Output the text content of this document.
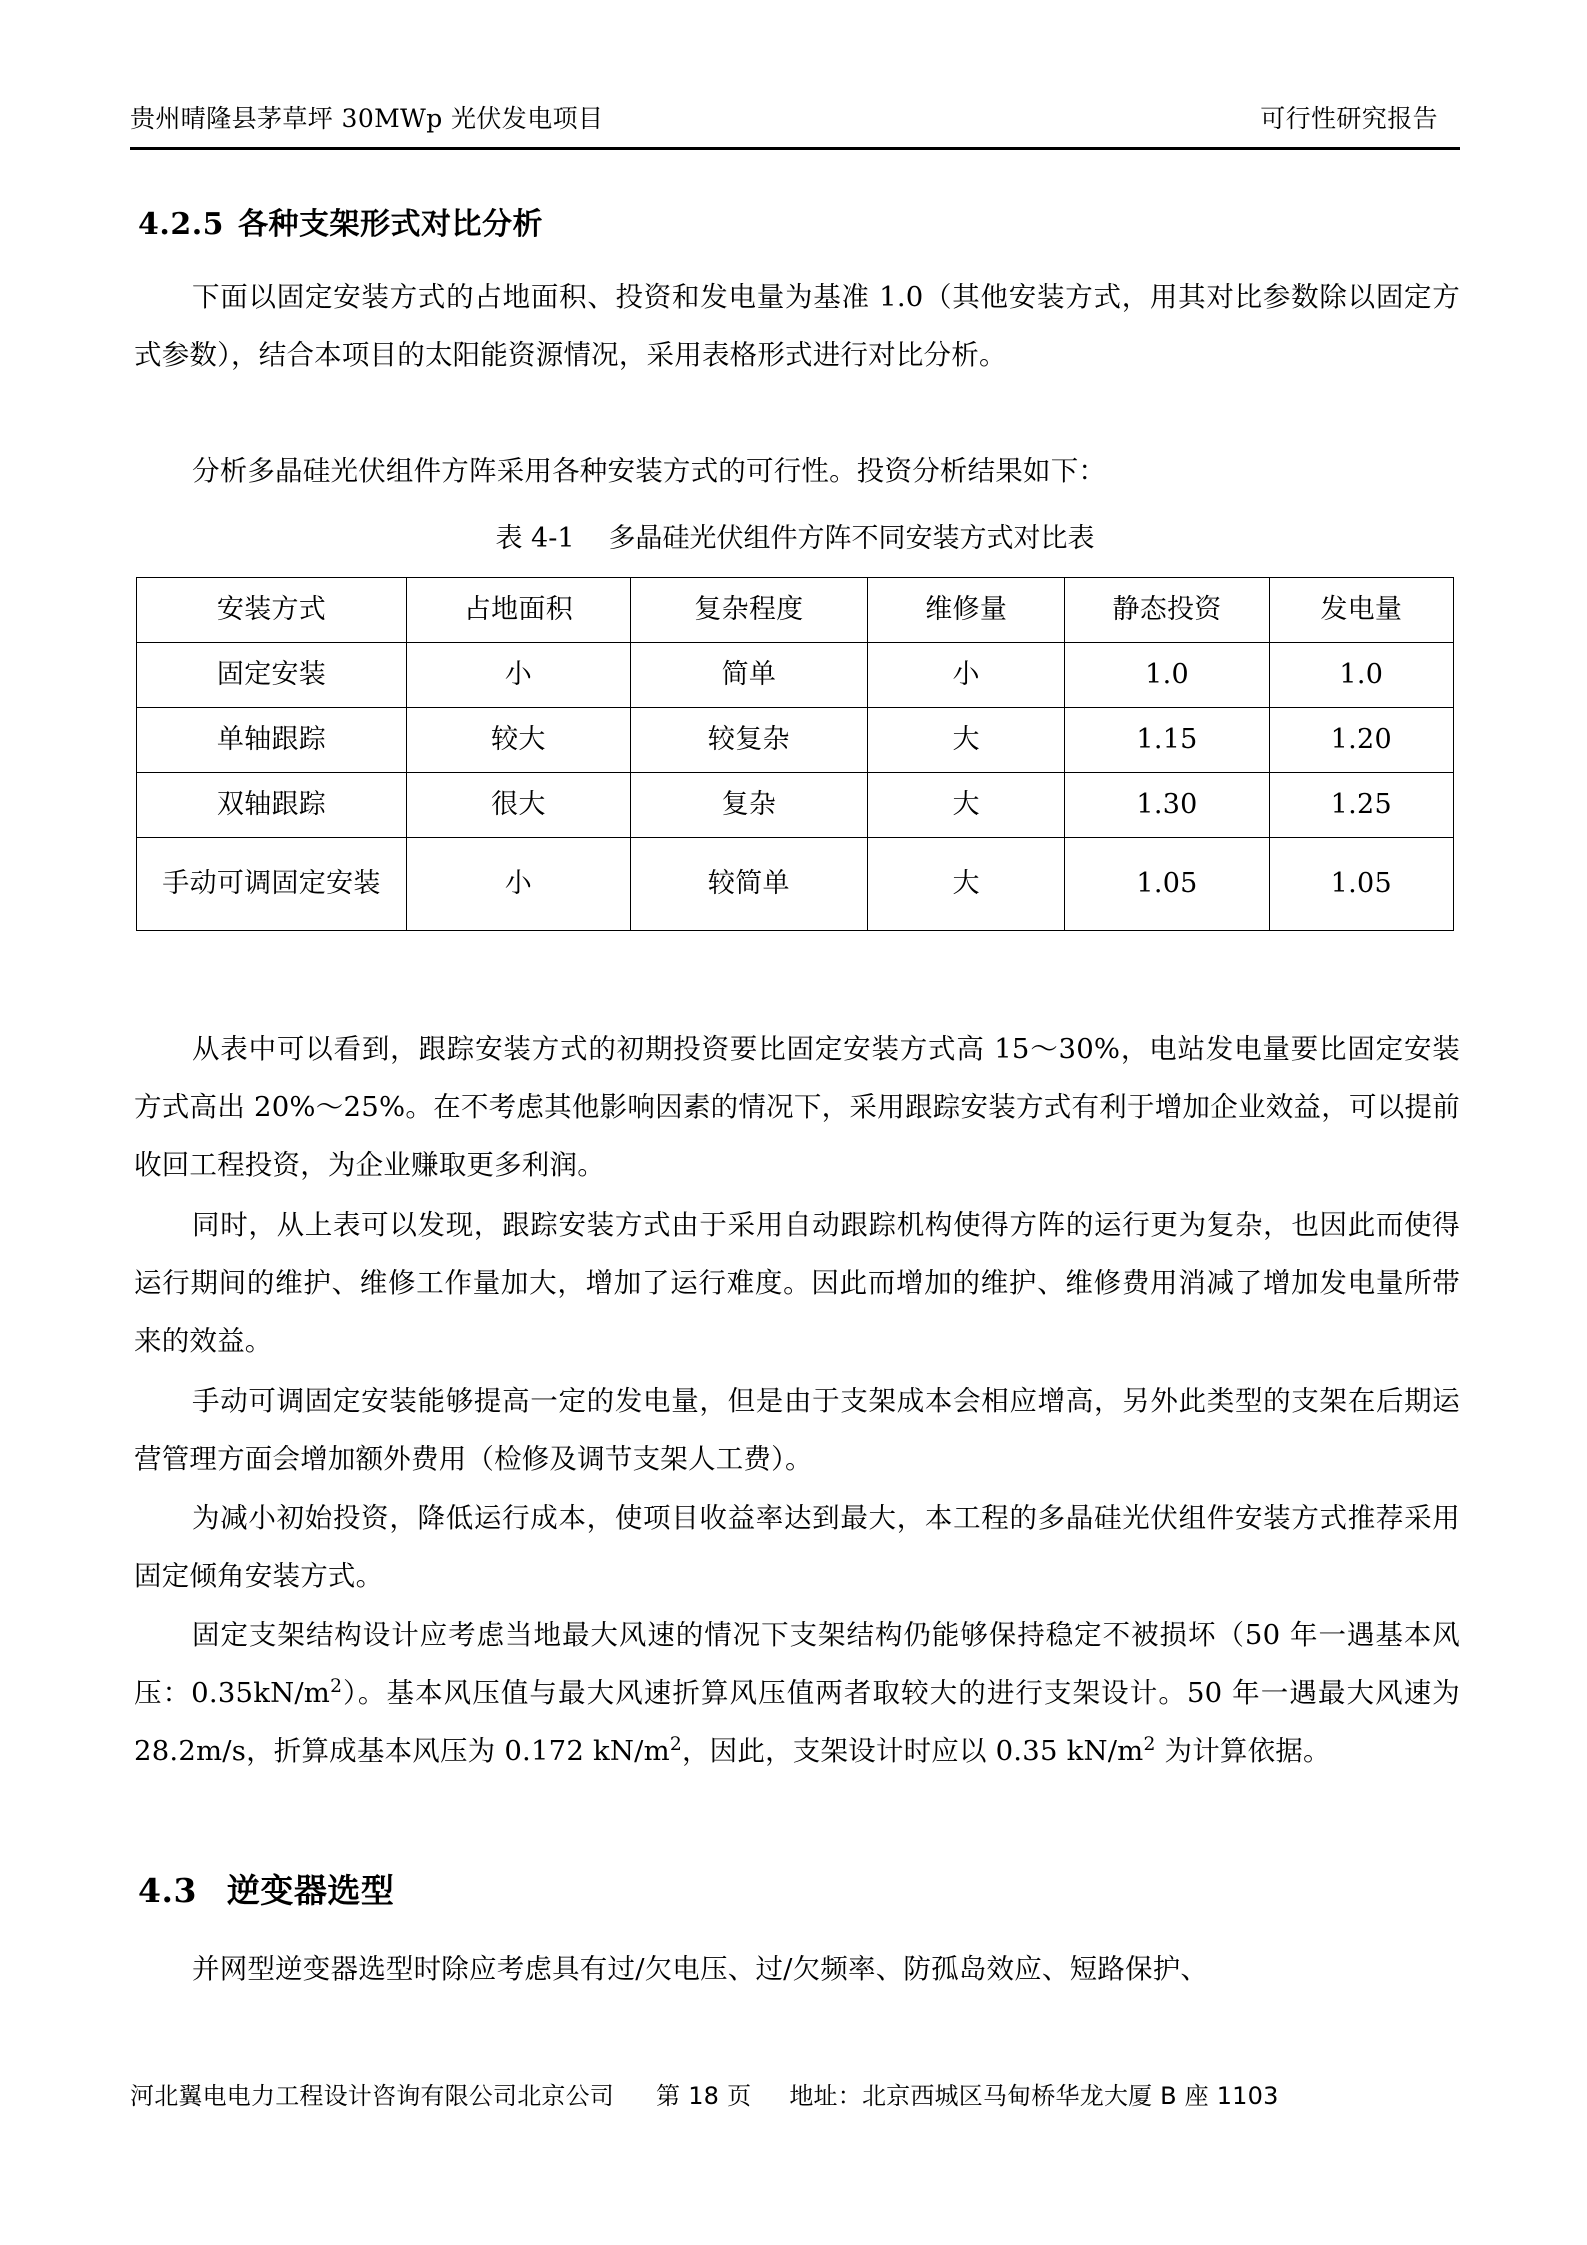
贵州晴隆县茅草坪 30MWp 光伏发电项目	可行性研究报告
4.2.5 各种支架形式对比分析
下面以固定安装方式的占地面积、投资和发电量为基准 1.0（其他安装方式，用其对比参数除以固定方式参数），结合本项目的太阳能资源情况，采用表格形式进行对比分析。
分析多晶硅光伏组件方阵采用各种安装方式的可行性。投资分析结果如下：
表 4-1 多晶硅光伏组件方阵不同安装方式对比表
安装方式	占地面积	复杂程度	维修量	静态投资	发电量
固定安装	小	简单	小	1.0	1.0
单轴跟踪	较大	较复杂	大	1.15	1.20
双轴跟踪	很大	复杂	大	1.30	1.25
手动可调固定安装	小	较简单	大	1.05	1.05
从表中可以看到，跟踪安装方式的初期投资要比固定安装方式高 15～30%，电站发电量要比固定安装方式高出 20%～25%。在不考虑其他影响因素的情况下，采用跟踪安装方式有利于增加企业效益，可以提前收回工程投资，为企业赚取更多利润。
同时，从上表可以发现，跟踪安装方式由于采用自动跟踪机构使得方阵的运行更为复杂，也因此而使得运行期间的维护、维修工作量加大，增加了运行难度。因此而增加的维护、维修费用消减了增加发电量所带来的效益。
手动可调固定安装能够提高一定的发电量，但是由于支架成本会相应增高，另外此类型的支架在后期运营管理方面会增加额外费用（检修及调节支架人工费）。
为减小初始投资，降低运行成本，使项目收益率达到最大，本工程的多晶硅光伏组件安装方式推荐采用固定倾角安装方式。
固定支架结构设计应考虑当地最大风速的情况下支架结构仍能够保持稳定不被损坏（50 年一遇基本风压：$0.35kN/m^2$）。基本风压值与最大风速折算风压值两者取较大的进行支架设计。50 年一遇最大风速为 28.2m/s，折算成基本风压为 0.172 $kN/m^2$，因此，支架设计时应以 0.35 $kN/m^2$ 为计算依据。
4.3 逆变器选型
并网型逆变器选型时除应考虑具有过/欠电压、过/欠频率、防孤岛效应、短路保护、
河北翼电电力工程设计咨询有限公司北京公司 第 18 页 地址：北京西城区马甸桥华龙大厦 B 座 1103
